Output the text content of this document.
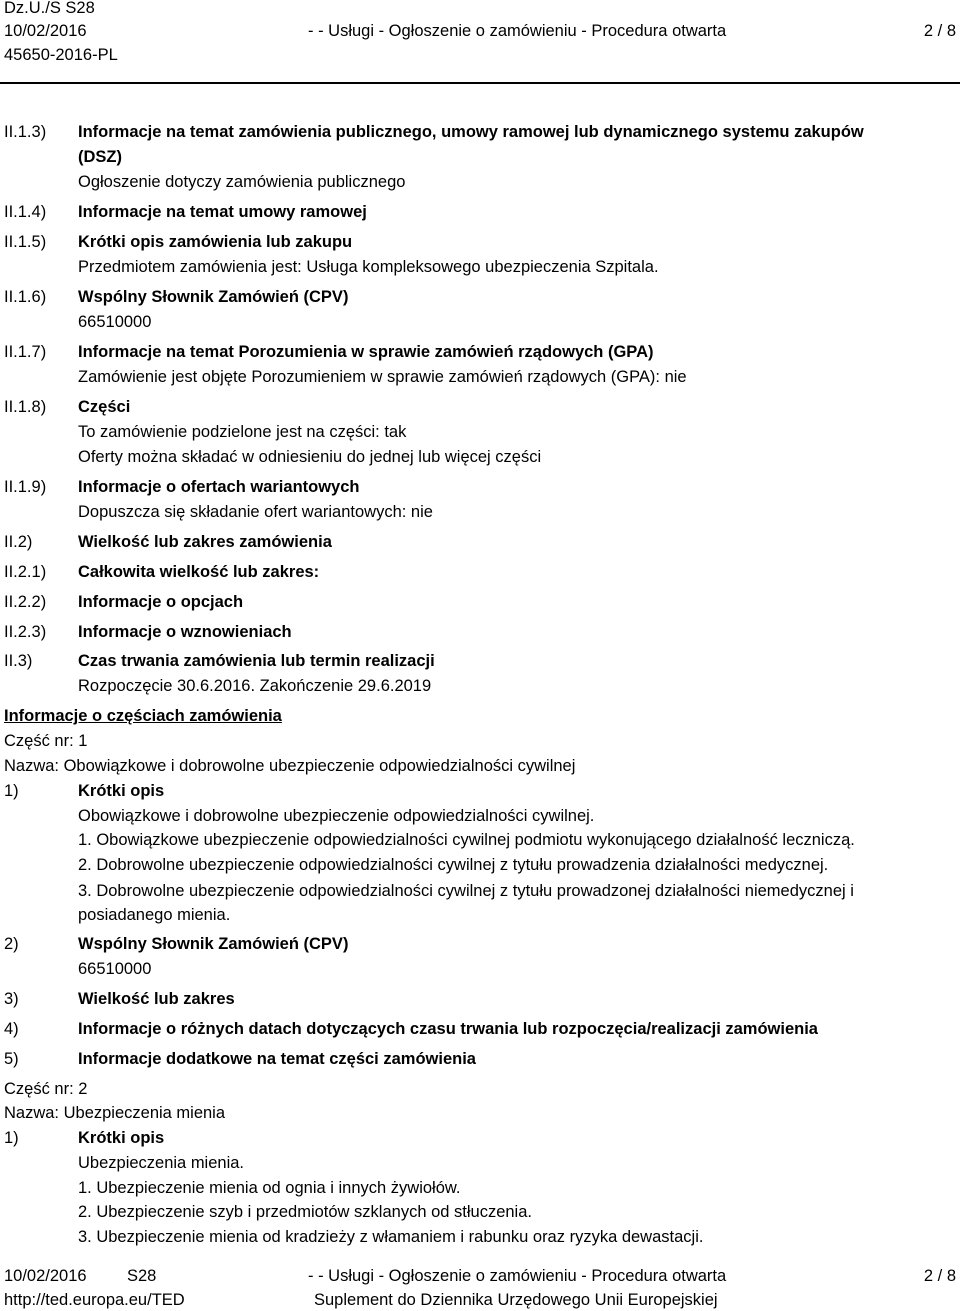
Dz.U./S S28
10/02/2016	- - Usługi - Ogłoszenie o zamówieniu - Procedura otwarta	2 / 8
45650-2016-PL
II.1.3) Informacje na temat zamówienia publicznego, umowy ramowej lub dynamicznego systemu zakupów
(DSZ)
Ogłoszenie dotyczy zamówienia publicznego
II.1.4) Informacje na temat umowy ramowej
II.1.5) Krótki opis zamówienia lub zakupu
Przedmiotem zamówienia jest: Usługa kompleksowego ubezpieczenia Szpitala.
II.1.6) Wspólny Słownik Zamówień (CPV)
66510000
II.1.7) Informacje na temat Porozumienia w sprawie zamówień rządowych (GPA)
Zamówienie jest objęte Porozumieniem w sprawie zamówień rządowych (GPA): nie
II.1.8) Części
To zamówienie podzielone jest na części: tak
Oferty można składać w odniesieniu do jednej lub więcej części
II.1.9) Informacje o ofertach wariantowych
Dopuszcza się składanie ofert wariantowych: nie
II.2)	Wielkość lub zakres zamówienia
II.2.1) Całkowita wielkość lub zakres:
II.2.2) Informacje o opcjach
II.2.3) Informacje o wznowieniach
II.3)	Czas trwania zamówienia lub termin realizacji
Rozpoczęcie 30.6.2016. Zakończenie 29.6.2019
Informacje o częściach zamówienia
Część nr: 1
Nazwa: Obowiązkowe i dobrowolne ubezpieczenie odpowiedzialności cywilnej
1)	Krótki opis
Obowiązkowe i dobrowolne ubezpieczenie odpowiedzialności cywilnej.
1. Obowiązkowe ubezpieczenie odpowiedzialności cywilnej podmiotu wykonującego działalność leczniczą.
2. Dobrowolne ubezpieczenie odpowiedzialności cywilnej z tytułu prowadzenia działalności medycznej.
3. Dobrowolne ubezpieczenie odpowiedzialności cywilnej z tytułu prowadzonej działalności niemedycznej i posiadanego mienia.
2)	Wspólny Słownik Zamówień (CPV)
66510000
3)	Wielkość lub zakres
4)	Informacje o różnych datach dotyczących czasu trwania lub rozpoczęcia/realizacji zamówienia
5)	Informacje dodatkowe na temat części zamówienia
Część nr: 2
Nazwa: Ubezpieczenia mienia
1)	Krótki opis
Ubezpieczenia mienia.
1. Ubezpieczenie mienia od ognia i innych żywiołów.
2. Ubezpieczenie szyb i przedmiotów szklanych od stłuczenia.
3. Ubezpieczenie mienia od kradzieży z włamaniem i rabunku oraz ryzyka dewastacji.
10/02/2016 S28	- - Usługi - Ogłoszenie o zamówieniu - Procedura otwarta	2 / 8
http://ted.europa.eu/TED	Suplement do Dziennika Urzędowego Unii Europejskiej
